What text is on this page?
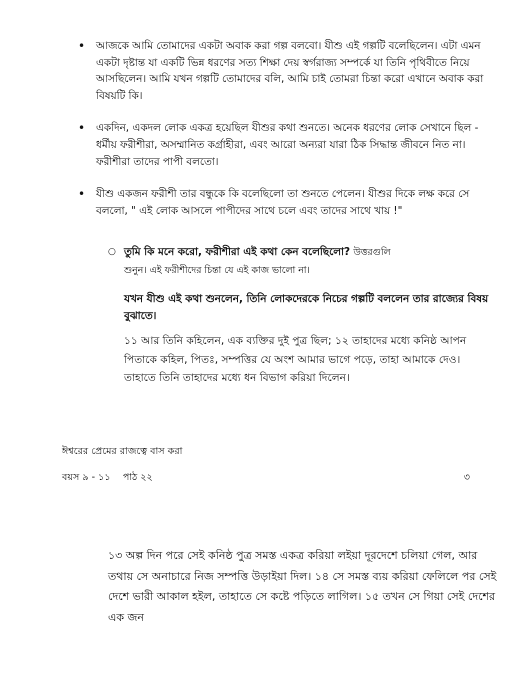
• আজকে আমি তোমাদের একটা অবাক করা গল্প বলবো। যীশু এই গল্পটি বলেছিলেন। এটা এমন একটা দৃষ্টান্ত যা একটি ভিন্ন ধরণের সত্য শিক্ষা দেয় স্বর্গরাজ্য সম্পর্কে যা তিনি পৃথিবীতে নিয়ে আসছিলেন। আমি যখন গল্পটি তোমাদের বলি, আমি চাই তোমরা চিন্তা করো এখানে অবাক করা বিষয়টি কি।
• একদিন, একদল লোক একত্র হয়েছিল যীশুর কথা শুনতে। অনেক ধরণের লোক সেখানে ছিল - ধর্মীয় ফরীশীরা, অসম্মানিত কর্গ্রাহীরা, এবং আরো অন্যরা যারা ঠিক সিদ্ধান্ত জীবনে নিত না। ফরীশীরা তাদের পাপী বলতো।
• যীশু একজন ফরীশী তার বন্ধুকে কি বলেছিলো তা শুনতে পেলেন। যীশুর দিকে লক্ষ করে সে বললো, " এই লোক আসলে পাপীদের সাথে চলে এবং তাদের সাথে খায় !"
○ তুমি কি মনে করো, ফরীশীরা এই কথা কেন বলেছিলো? উত্তরগুলি
শুনুন। এই ফরীশীদের চিন্তা যে এই কাজ ভালো না।
যখন যীশু এই কথা শুনলেন, তিনি লোকদেরকে নিচের গল্পটি বললেন তার রাজ্যের বিষয় বুঝাতে।
১১ আর তিনি কহিলেন, এক ব্যক্তির দুই পুত্র ছিল; ১২ তাহাদের মধ্যে কনিষ্ঠ আপন পিতাকে কহিল, পিতঃ, সম্পত্তির যে অংশ আমার ভাগে পড়ে, তাহা আমাকে দেও। তাহাতে তিনি তাহাদের মধ্যে ধন বিভাগ করিয়া দিলেন।
ঈশ্বরের প্রেমের রাজত্বে বাস করা
বয়স ৯ - ১১ পাঠ ২২	৩
১৩ অল্প দিন পরে সেই কনিষ্ঠ পুত্র সমস্ত একত্র করিয়া লইয়া দূরদেশে চলিয়া গেল, আর তথায় সে অনাচারে নিজ সম্পত্তি উড়াইয়া দিল। ১৪ সে সমস্ত ব্যয় করিয়া ফেলিলে পর সেই দেশে ভারী আকাল হইল, তাহাতে সে কষ্টে পড়িতে লাগিল। ১৫ তখন সে গিয়া সেই দেশের এক জন
